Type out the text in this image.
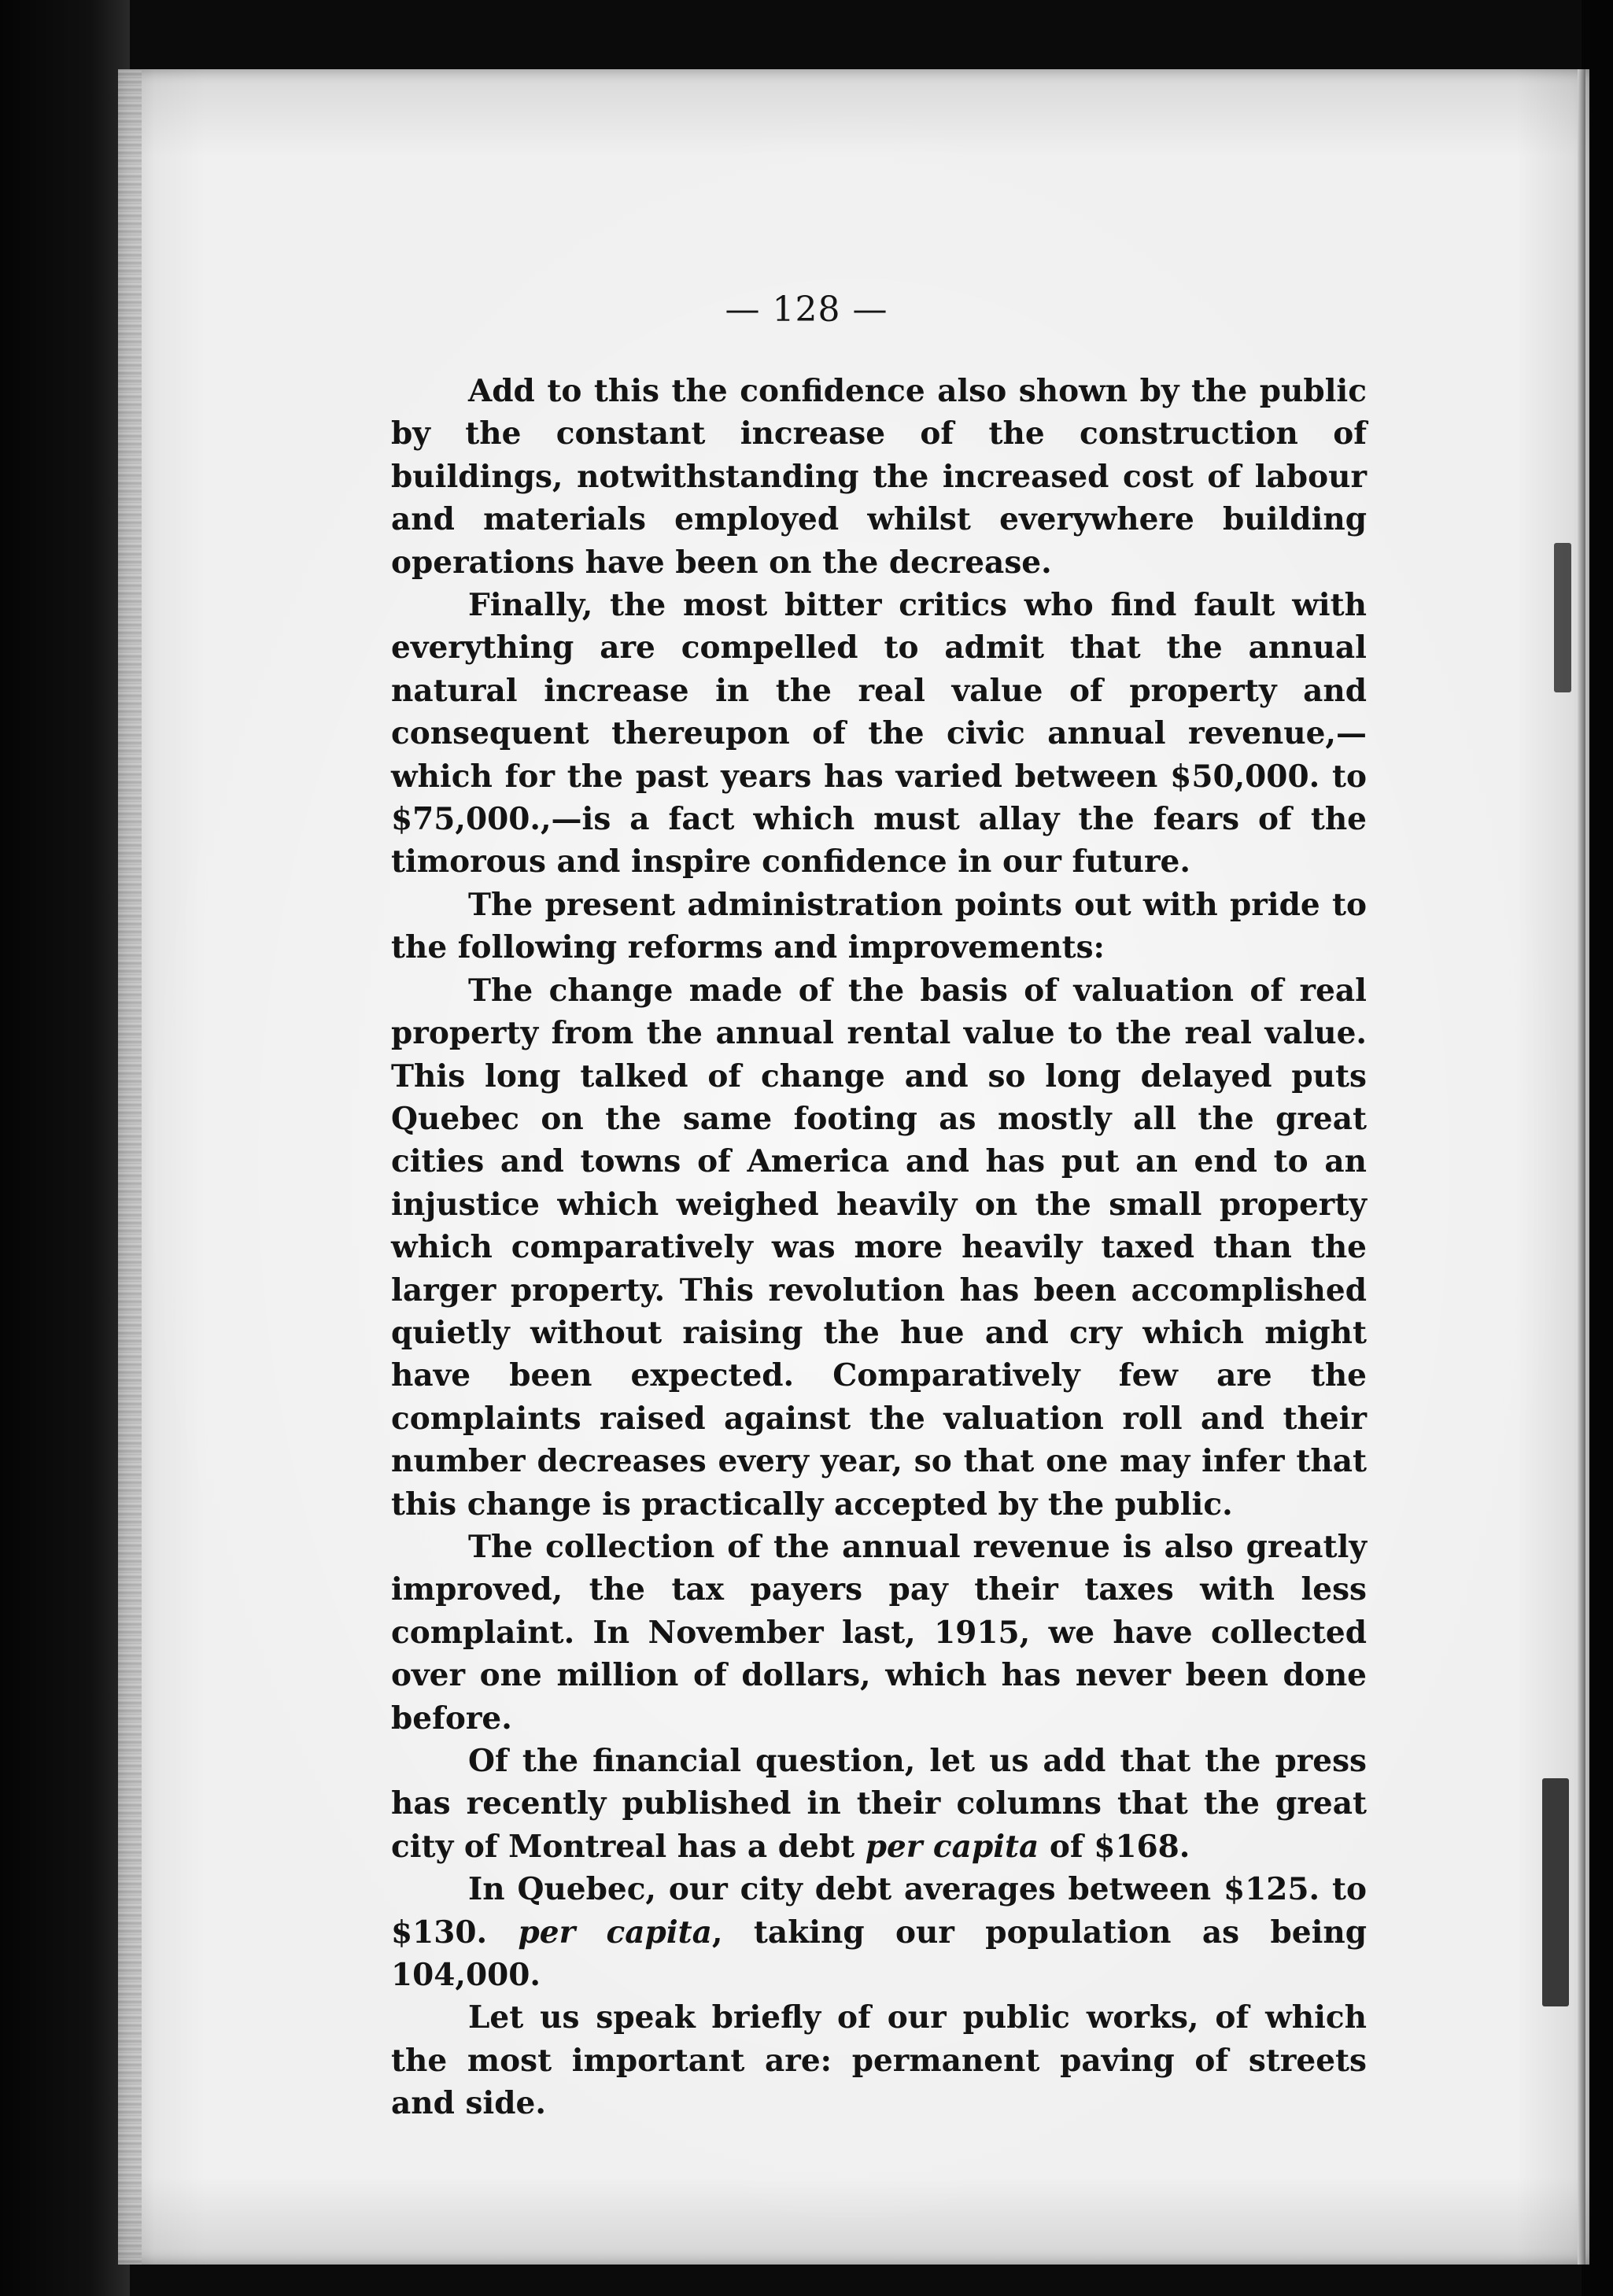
— 128 —

Add to this the confidence also shown by the public by the constant increase of the construction of buildings, notwithstanding the increased cost of labour and materials employed whilst everywhere building operations have been on the decrease.

Finally, the most bitter critics who find fault with everything are compelled to admit that the annual natural increase in the real value of property and consequent thereupon of the civic annual revenue,—which for the past years has varied between $50,000. to $75,000.,—is a fact which must allay the fears of the timorous and inspire confidence in our future.

The present administration points out with pride to the following reforms and improvements:

The change made of the basis of valuation of real property from the annual rental value to the real value. This long talked of change and so long delayed puts Quebec on the same footing as mostly all the great cities and towns of America and has put an end to an injustice which weighed heavily on the small property which comparatively was more heavily taxed than the larger property. This revolution has been accomplished quietly without raising the hue and cry which might have been expected. Comparatively few are the complaints raised against the valuation roll and their number decreases every year, so that one may infer that this change is practically accepted by the public.

The collection of the annual revenue is also greatly improved, the tax payers pay their taxes with less complaint. In November last, 1915, we have collected over one million of dollars, which has never been done before.

Of the financial question, let us add that the press has recently published in their columns that the great city of Montreal has a debt per capita of $168.

In Quebec, our city debt averages between $125. to $130. per capita, taking our population as being 104,000.

Let us speak briefly of our public works, of which the most important are: permanent paving of streets and side.
